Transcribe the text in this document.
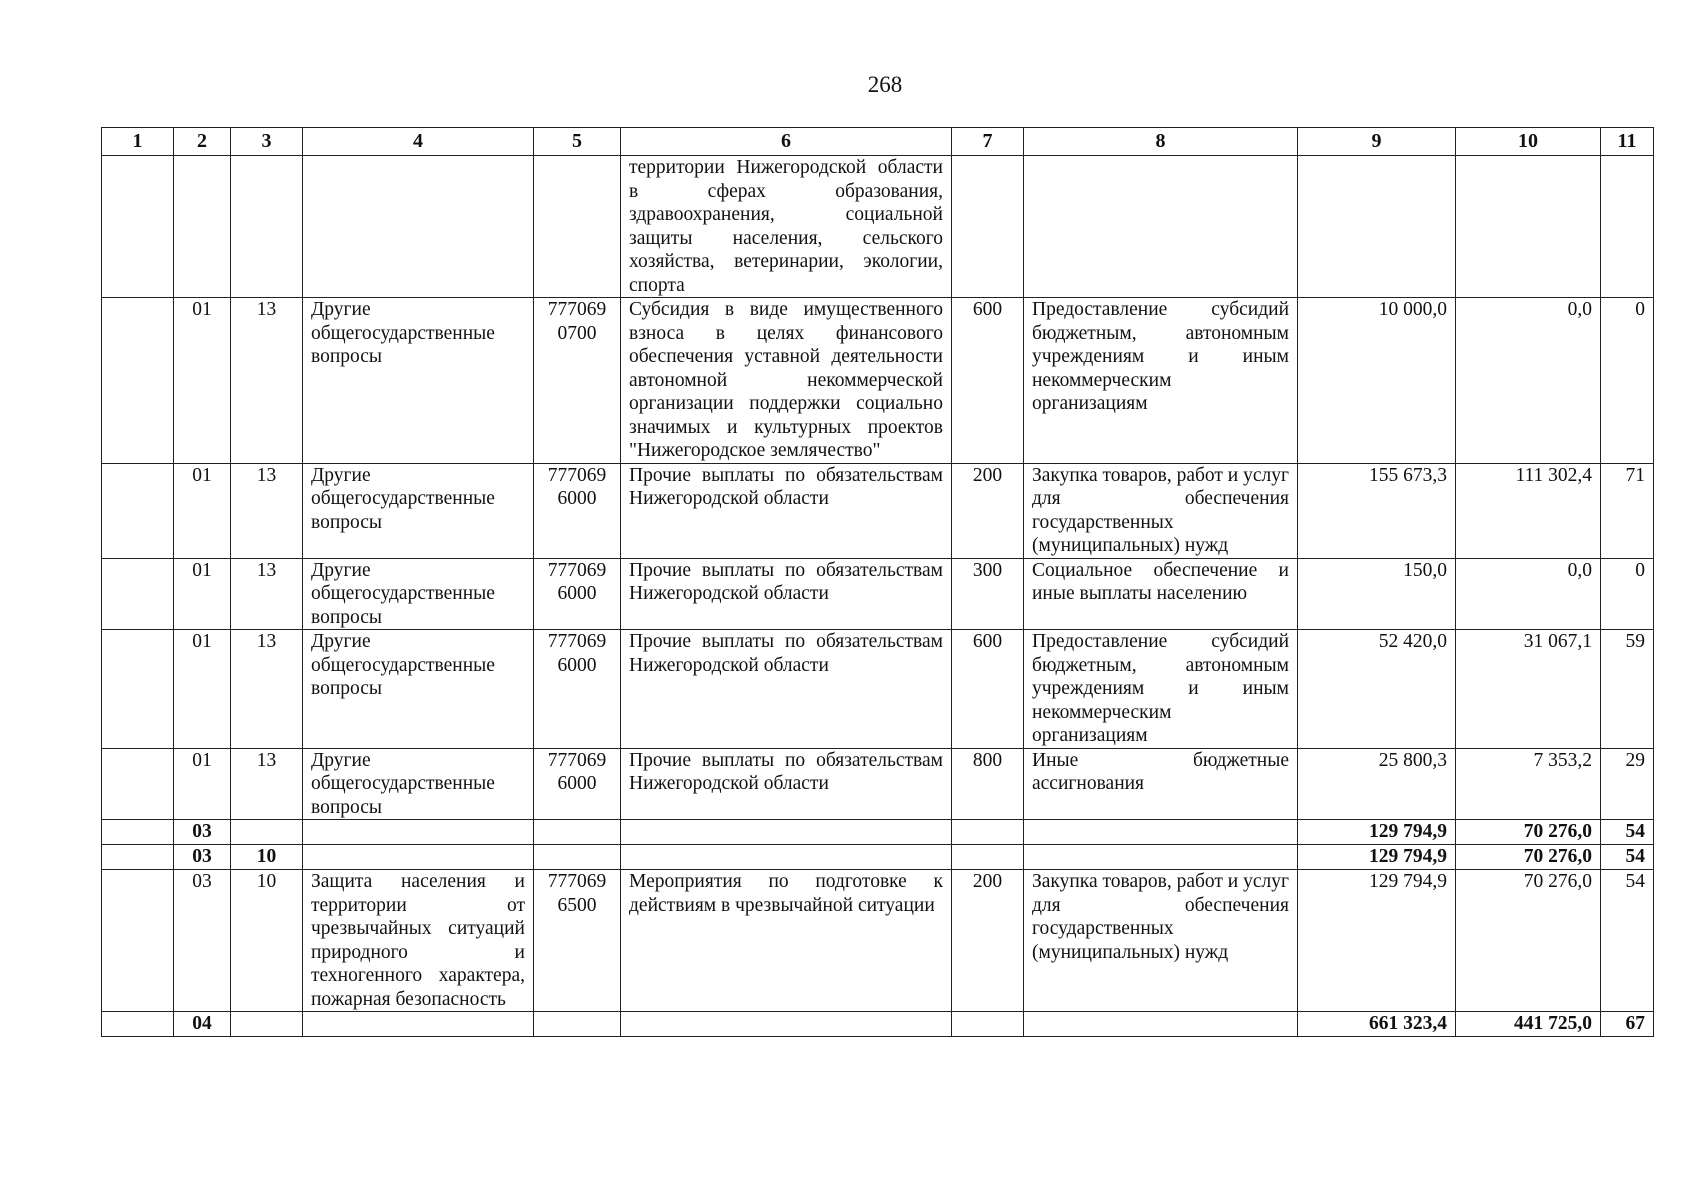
268
1	2	3	4	5	6	7	8	9	10	11
					территории Нижегородской области в сферах образования, здравоохранения, социальной защиты населения, сельского хозяйства, ветеринарии, экологии, спорта					
	01	13	Другие общегосударственные вопросы	777069 0700	Субсидия в виде имущественного взноса в целях финансового обеспечения уставной деятельности автономной некоммерческой организации поддержки социально значимых и культурных проектов "Нижегородское землячество"	600	Предоставление субсидий бюджетным, автономным учреждениям и иным некоммерческим организациям	10 000,0	0,0	0
	01	13	Другие общегосударственные вопросы	777069 6000	Прочие выплаты по обязательствам Нижегородской области	200	Закупка товаров, работ и услуг для обеспечения государственных (муниципальных) нужд	155 673,3	111 302,4	71
	01	13	Другие общегосударственные вопросы	777069 6000	Прочие выплаты по обязательствам Нижегородской области	300	Социальное обеспечение и иные выплаты населению	150,0	0,0	0
	01	13	Другие общегосударственные вопросы	777069 6000	Прочие выплаты по обязательствам Нижегородской области	600	Предоставление субсидий бюджетным, автономным учреждениям и иным некоммерческим организациям	52 420,0	31 067,1	59
	01	13	Другие общегосударственные вопросы	777069 6000	Прочие выплаты по обязательствам Нижегородской области	800	Иные бюджетные ассигнования	25 800,3	7 353,2	29
	03							129 794,9	70 276,0	54
	03	10						129 794,9	70 276,0	54
	03	10	Защита населения и территории от чрезвычайных ситуаций природного и техногенного характера, пожарная безопасность	777069 6500	Мероприятия по подготовке к действиям в чрезвычайной ситуации	200	Закупка товаров, работ и услуг для обеспечения государственных (муниципальных) нужд	129 794,9	70 276,0	54
	04							661 323,4	441 725,0	67
